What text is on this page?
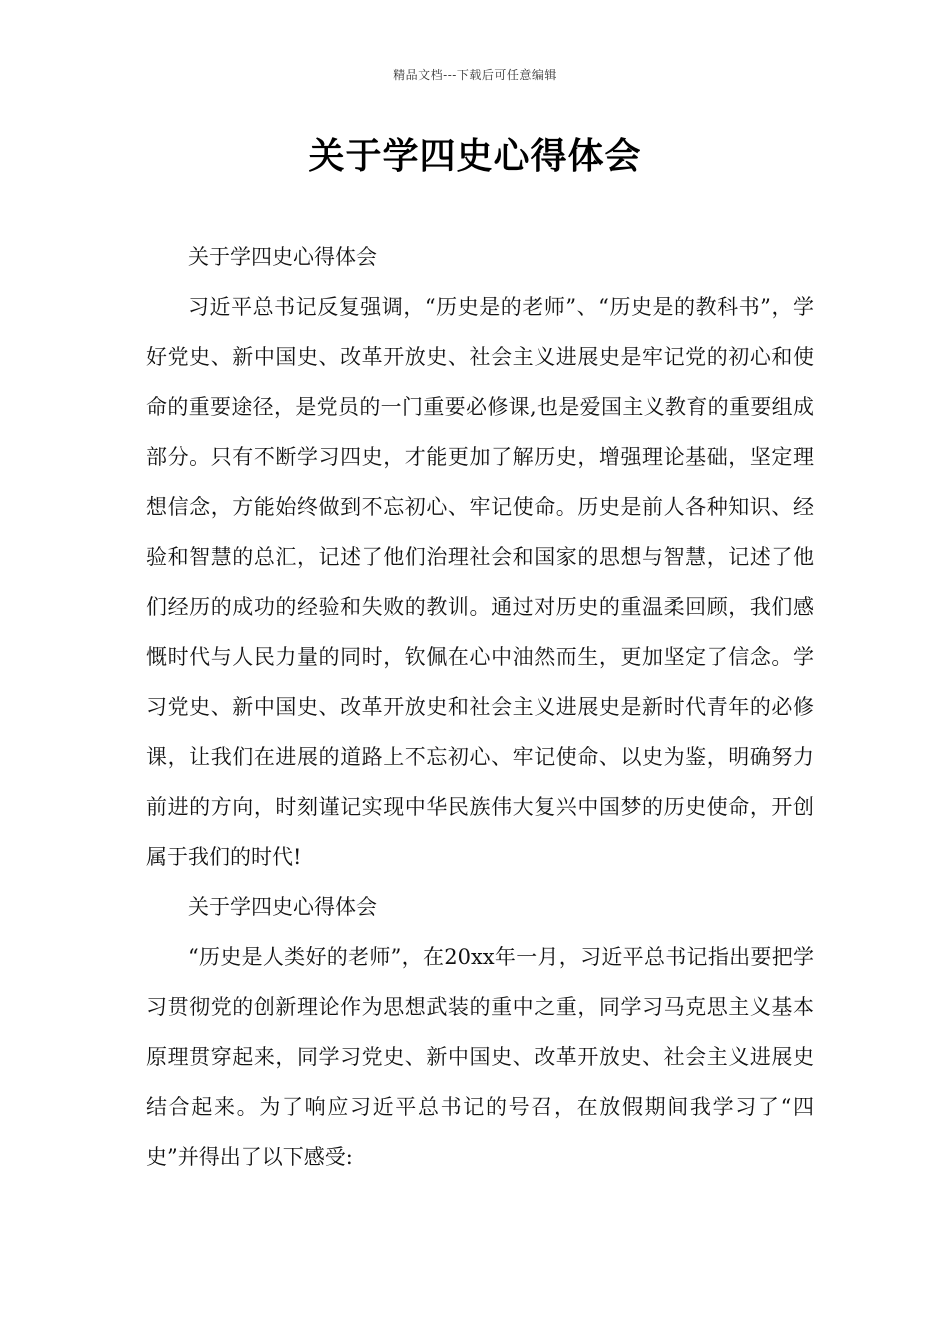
精品文档---下载后可任意编辑
关于学四史心得体会

关于学四史心得体会

习近平总书记反复强调，“历史是的老师”、“历史是的教科书”，学好党史、新中国史、改革开放史、社会主义进展史是牢记党的初心和使命的重要途径，是党员的一门重要必修课,也是爱国主义教育的重要组成部分。只有不断学习四史，才能更加了解历史，增强理论基础，坚定理想信念，方能始终做到不忘初心、牢记使命。历史是前人各种知识、经验和智慧的总汇，记述了他们治理社会和国家的思想与智慧，记述了他们经历的成功的经验和失败的教训。通过对历史的重温柔回顾，我们感慨时代与人民力量的同时，钦佩在心中油然而生，更加坚定了信念。学习党史、新中国史、改革开放史和社会主义进展史是新时代青年的必修课，让我们在进展的道路上不忘初心、牢记使命、以史为鉴，明确努力前进的方向，时刻谨记实现中华民族伟大复兴中国梦的历史使命，开创属于我们的时代!

关于学四史心得体会

“历史是人类好的老师”，在20xx年一月，习近平总书记指出要把学习贯彻党的创新理论作为思想武装的重中之重，同学习马克思主义基本原理贯穿起来，同学习党史、新中国史、改革开放史、社会主义进展史结合起来。为了响应习近平总书记的号召，在放假期间我学习了“四史”并得出了以下感受:
